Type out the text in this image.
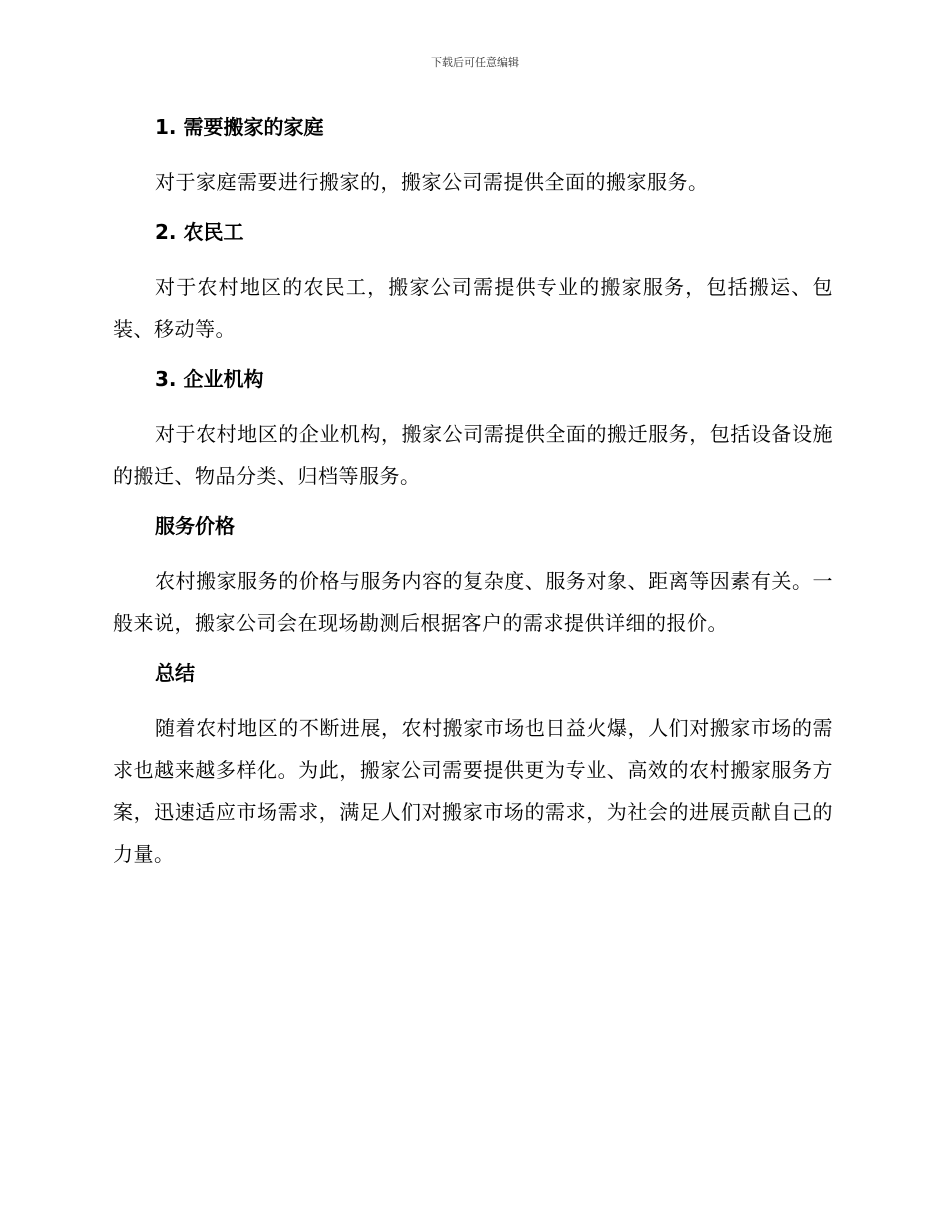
下载后可任意编辑
1. 需要搬家的家庭

对于家庭需要进行搬家的，搬家公司需提供全面的搬家服务。

2. 农民工

对于农村地区的农民工，搬家公司需提供专业的搬家服务，包括搬运、包装、移动等。

3. 企业机构

对于农村地区的企业机构，搬家公司需提供全面的搬迁服务，包括设备设施的搬迁、物品分类、归档等服务。

服务价格

农村搬家服务的价格与服务内容的复杂度、服务对象、距离等因素有关。一般来说，搬家公司会在现场勘测后根据客户的需求提供详细的报价。

总结

随着农村地区的不断进展，农村搬家市场也日益火爆，人们对搬家市场的需求也越来越多样化。为此，搬家公司需要提供更为专业、高效的农村搬家服务方案，迅速适应市场需求，满足人们对搬家市场的需求，为社会的进展贡献自己的力量。
